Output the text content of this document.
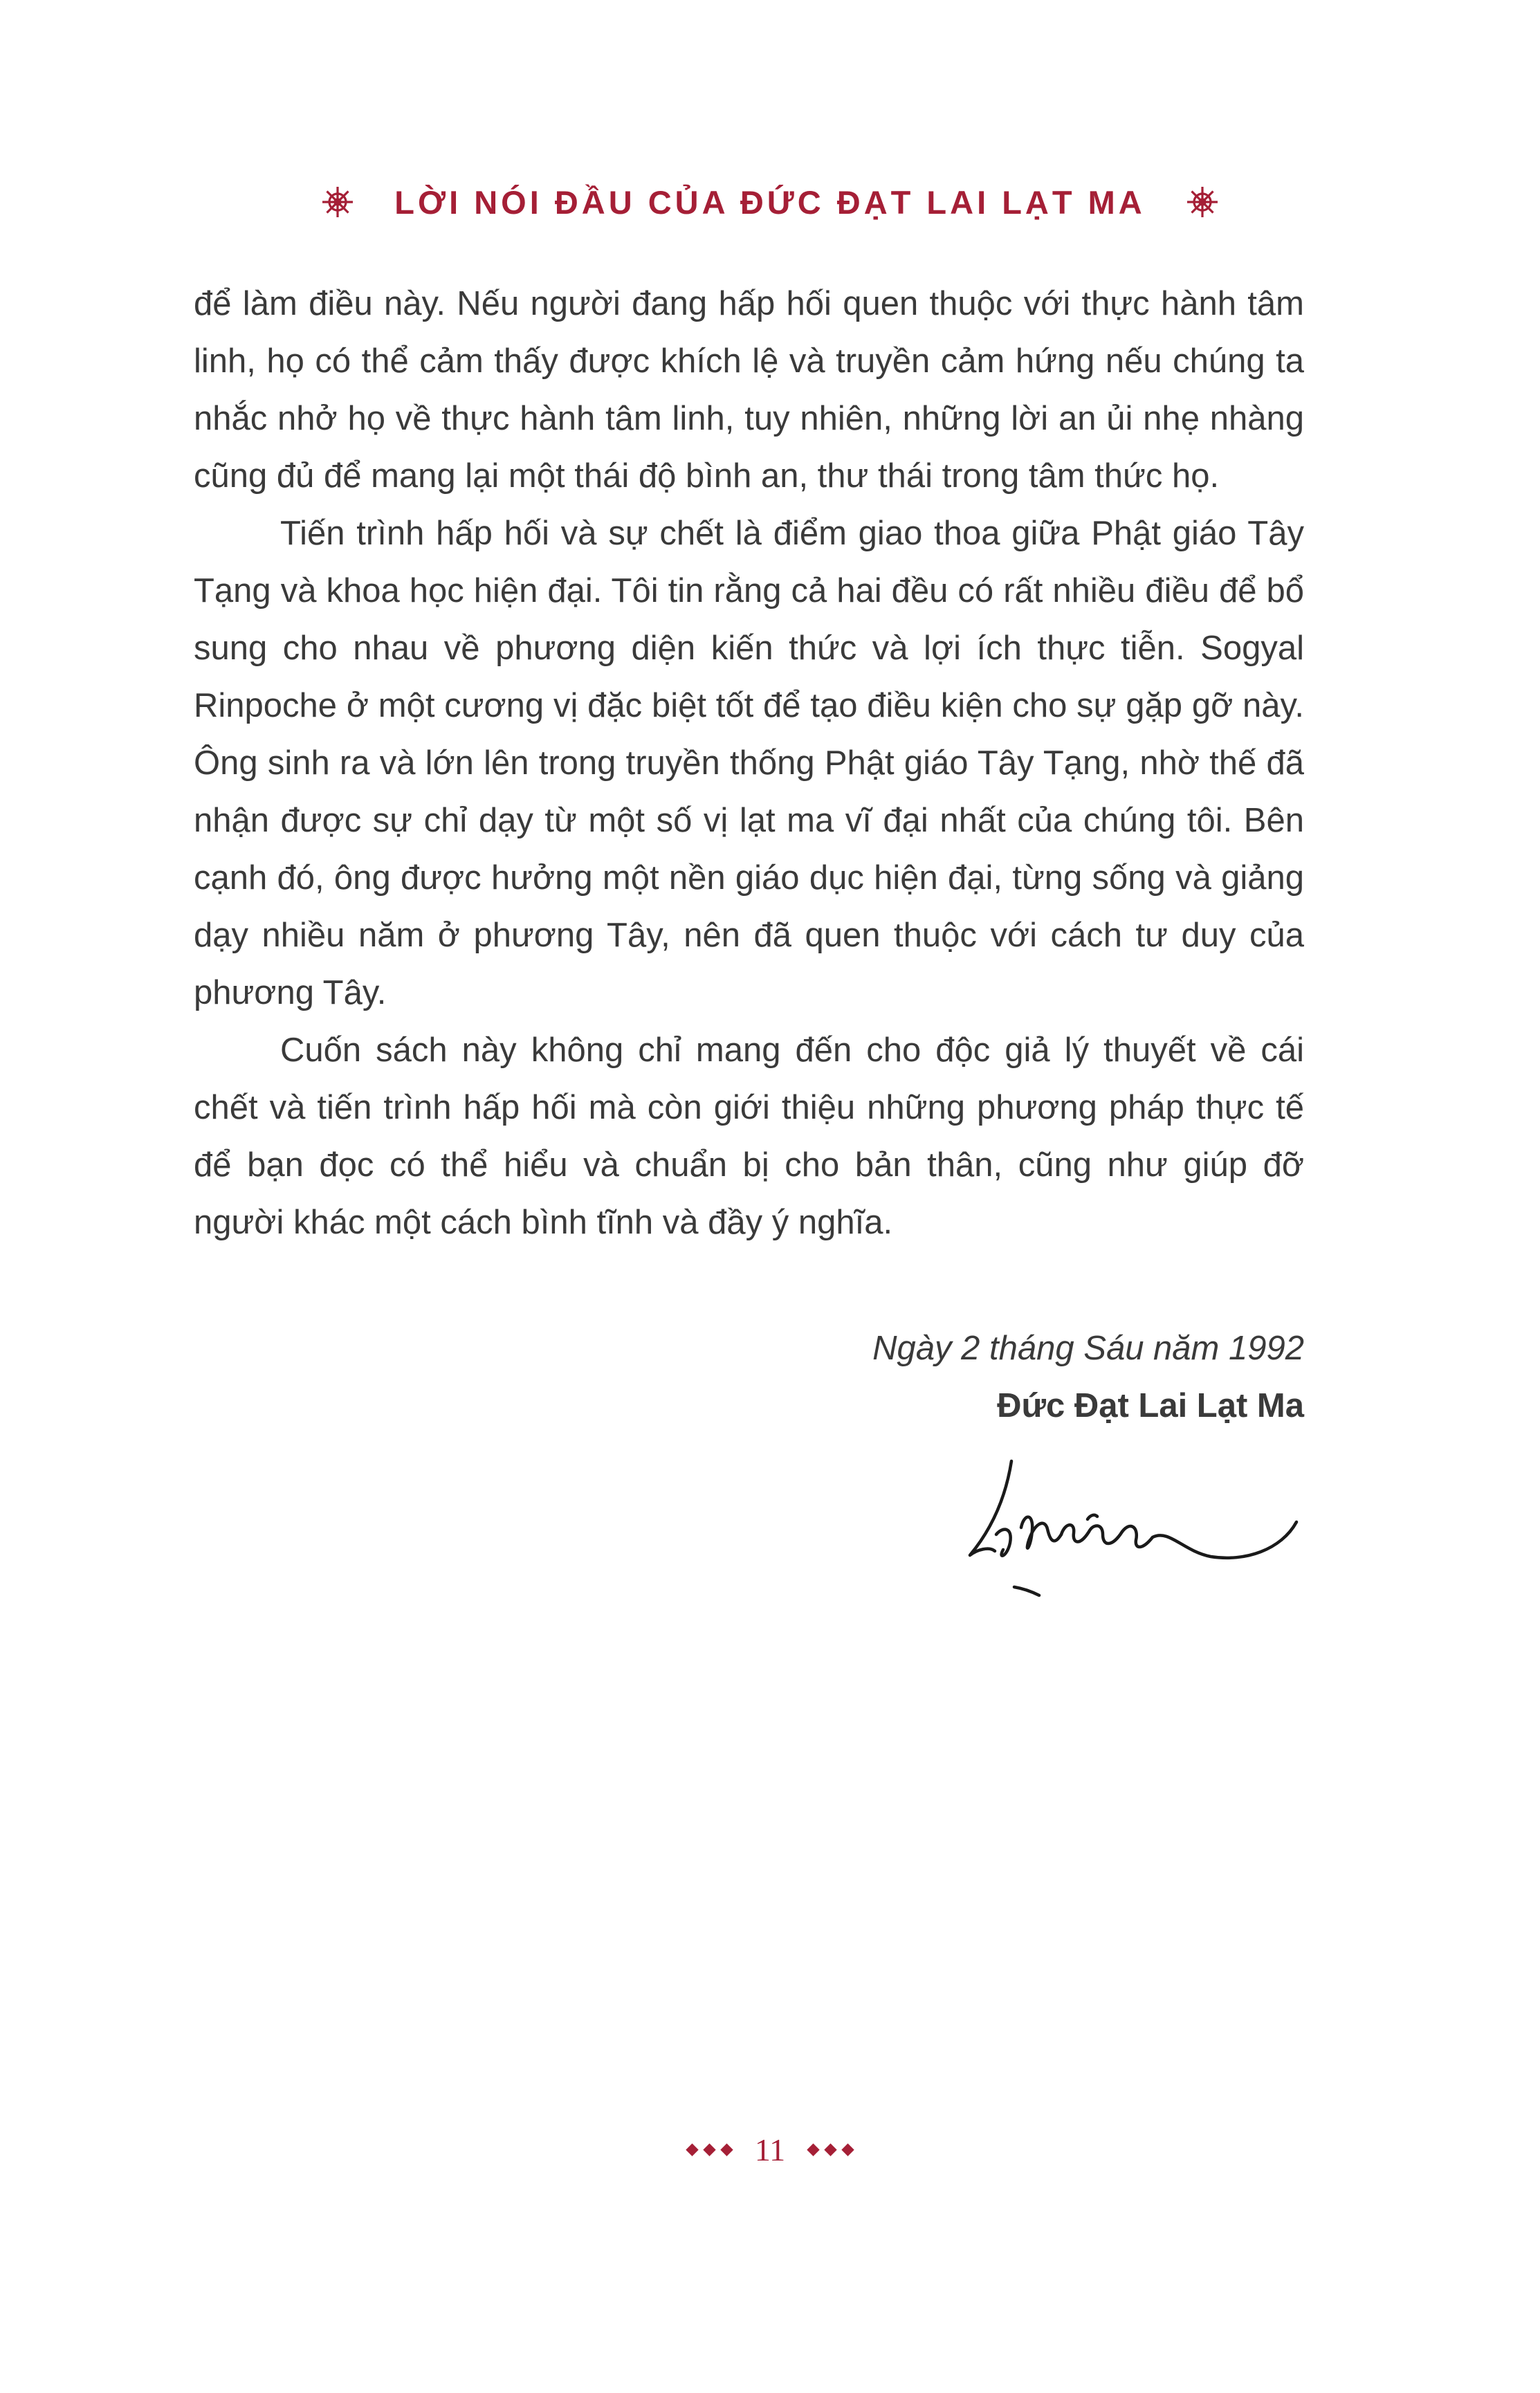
LỜI NÓI ĐẦU CỦA ĐỨC ĐẠT LAI LẠT MA

để làm điều này. Nếu người đang hấp hối quen thuộc với thực hành tâm linh, họ có thể cảm thấy được khích lệ và truyền cảm hứng nếu chúng ta nhắc nhở họ về thực hành tâm linh, tuy nhiên, những lời an ủi nhẹ nhàng cũng đủ để mang lại một thái độ bình an, thư thái trong tâm thức họ.

Tiến trình hấp hối và sự chết là điểm giao thoa giữa Phật giáo Tây Tạng và khoa học hiện đại. Tôi tin rằng cả hai đều có rất nhiều điều để bổ sung cho nhau về phương diện kiến thức và lợi ích thực tiễn. Sogyal Rinpoche ở một cương vị đặc biệt tốt để tạo điều kiện cho sự gặp gỡ này. Ông sinh ra và lớn lên trong truyền thống Phật giáo Tây Tạng, nhờ thế đã nhận được sự chỉ dạy từ một số vị lạt ma vĩ đại nhất của chúng tôi. Bên cạnh đó, ông được hưởng một nền giáo dục hiện đại, từng sống và giảng dạy nhiều năm ở phương Tây, nên đã quen thuộc với cách tư duy của phương Tây.

Cuốn sách này không chỉ mang đến cho độc giả lý thuyết về cái chết và tiến trình hấp hối mà còn giới thiệu những phương pháp thực tế để bạn đọc có thể hiểu và chuẩn bị cho bản thân, cũng như giúp đỡ người khác một cách bình tĩnh và đầy ý nghĩa.

Ngày 2 tháng Sáu năm 1992
Đức Đạt Lai Lạt Ma
11
